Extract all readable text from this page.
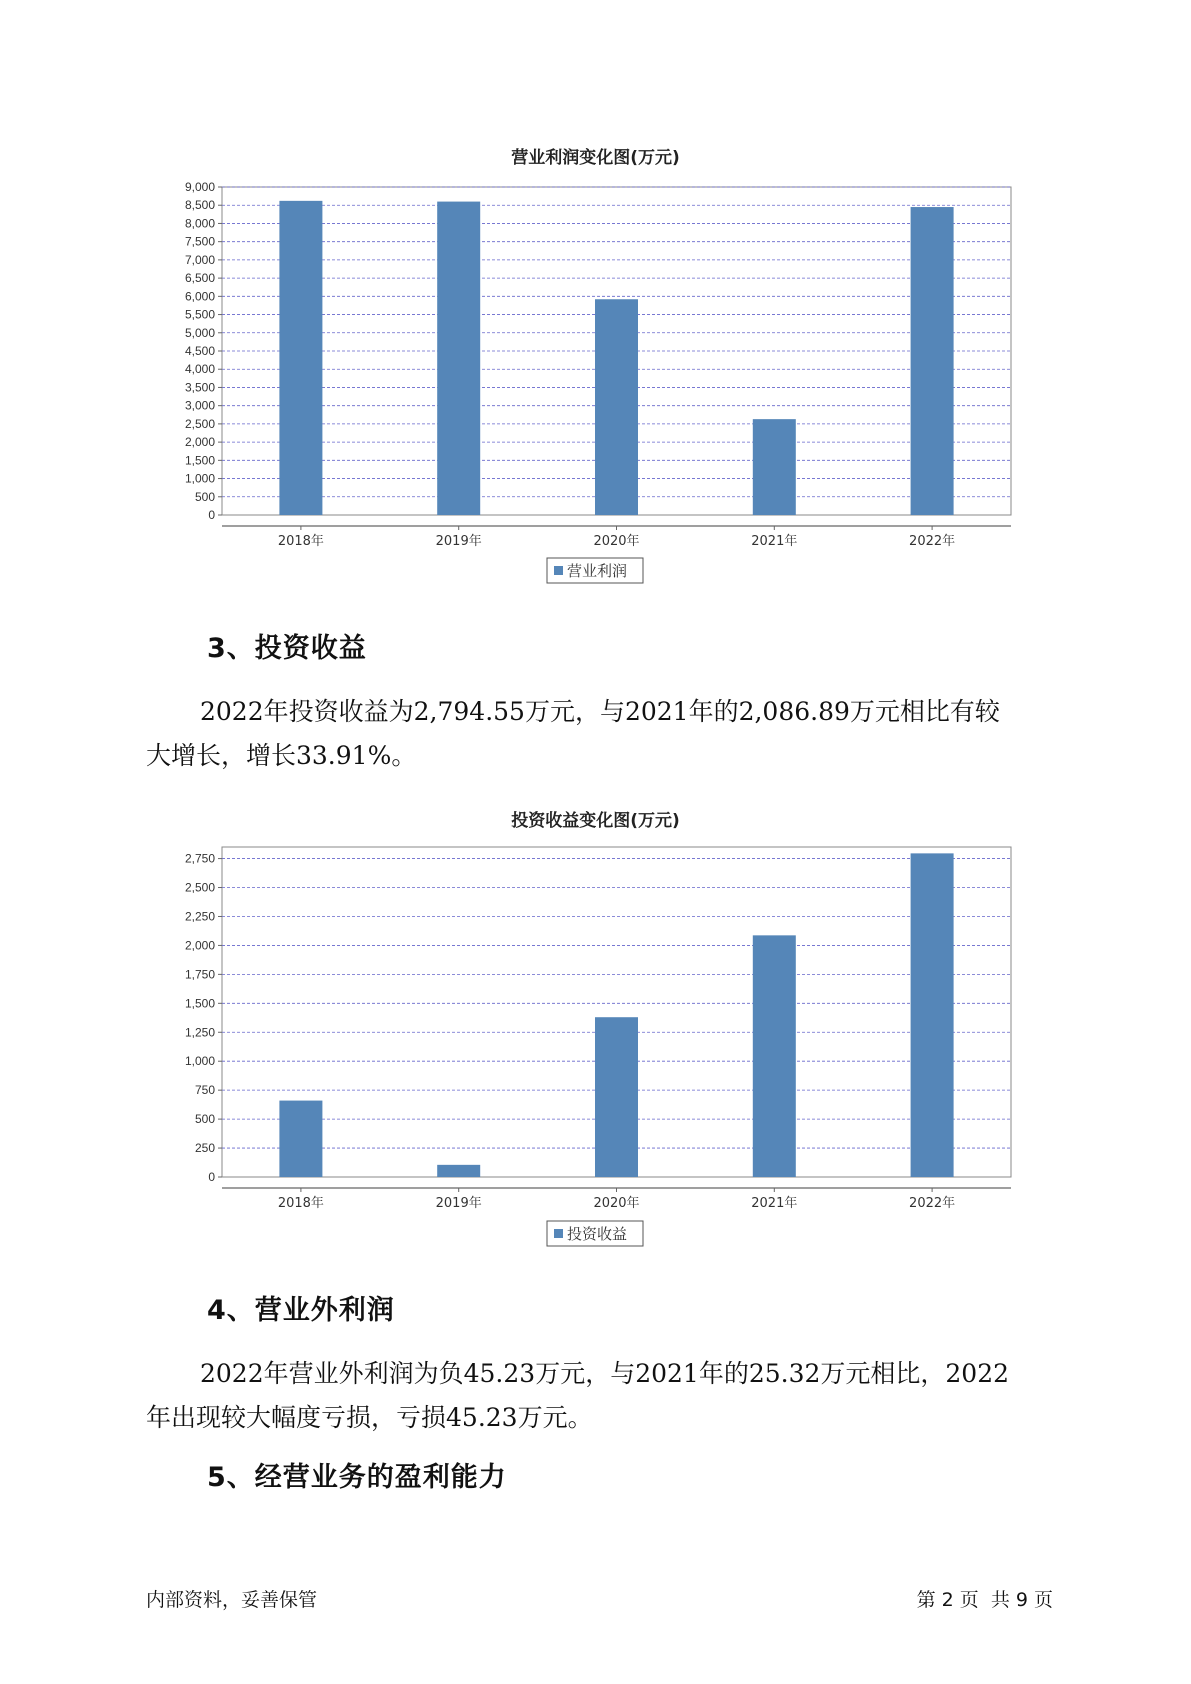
营业利润变化图(万元)
0
500
1,000
1,500
2,000
2,500
3,000
3,500
4,000
4,500
5,000
5,500
6,000
6,500
7,000
7,500
8,000
8,500
9,000
2018年	2019年	2020年	2021年	2022年
营业利润
3、投资收益
2022年投资收益为2,794.55万元，与2021年的2,086.89万元相比有较
大增长，增长33.91%。
投资收益变化图(万元)
0
250
500
750
1,000
1,250
1,500
1,750
2,000
2,250
2,500
2,750
2018年	2019年	2020年	2021年	2022年
投资收益
4、营业外利润
2022年营业外利润为负45.23万元，与2021年的25.32万元相比，2022
年出现较大幅度亏损，亏损45.23万元。
5、经营业务的盈利能力
内部资料，妥善保管	第 2 页  共 9 页
